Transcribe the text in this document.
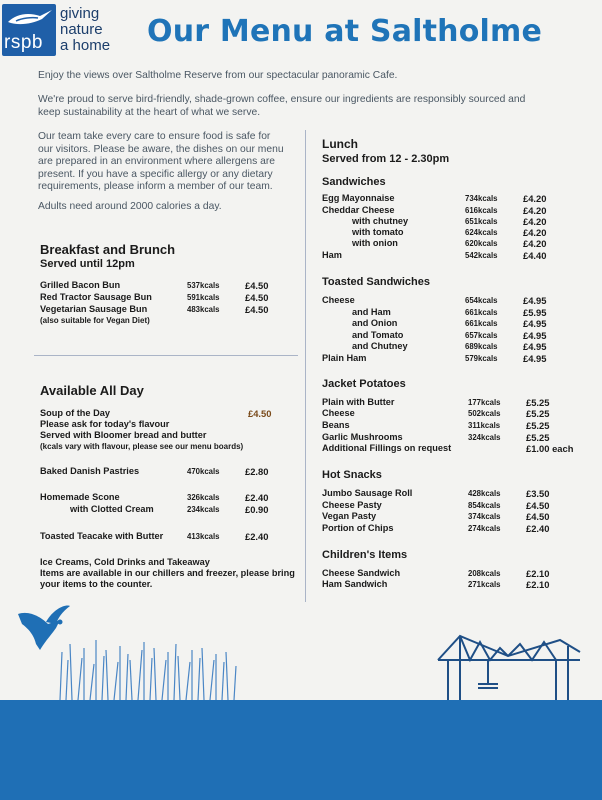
rspb
giving
nature
a home Our Menu at Saltholme
Enjoy the views over Saltholme Reserve from our spectacular panoramic Cafe.
We're proud to serve bird-friendly, shade-grown coffee, ensure our ingredients are responsibly sourced and
keep sustainability at the heart of what we serve.
Our team take every care to ensure food is safe for
our visitors. Please be aware, the dishes on our menu
are prepared in an environment where allergens are
present. If you have a specific allergy or any dietary
requirements, please inform a member of our team.
Adults need around 2000 calories a day.
Breakfast and Brunch
Served until 12pm
Grilled Bacon Bun	537kcals	£4.50
Red Tractor Sausage Bun	591kcals	£4.50
Vegetarian Sausage Bun	483kcals	£4.50
(also suitable for Vegan Diet)
Available All Day
Soup of the Day	£4.50
Please ask for today's flavour
Served with Bloomer bread and butter
(kcals vary with flavour, please see our menu boards)
Baked Danish Pastries	470kcals	£2.80
Homemade Scone	326kcals	£2.40
with Clotted Cream	234kcals	£0.90
Toasted Teacake with Butter	413kcals	£2.40
Ice Creams, Cold Drinks and Takeaway
Items are available in our chillers and freezer, please bring
your items to the counter.
Lunch
Served from 12 - 2.30pm
Sandwiches
Egg Mayonnaise	734kcals	£4.20
Cheddar Cheese	616kcals	£4.20
with chutney	651kcals	£4.20
with tomato	624kcals	£4.20
with onion	620kcals	£4.20
Ham	542kcals	£4.40
Toasted Sandwiches
Cheese	654kcals	£4.95
and Ham	661kcals	£5.95
and Onion	661kcals	£4.95
and Tomato	657kcals	£4.95
and Chutney	689kcals	£4.95
Plain Ham	579kcals	£4.95
Jacket Potatoes
Plain with Butter	177kcals	£5.25
Cheese	502kcals	£5.25
Beans	311kcals	£5.25
Garlic Mushrooms	324kcals	£5.25
Additional Fillings on request	£1.00 each
Hot Snacks
Jumbo Sausage Roll	428kcals	£3.50
Cheese Pasty	854kcals	£4.50
Vegan Pasty	374kcals	£4.50
Portion of Chips	274kcals	£2.40
Children's Items
Cheese Sandwich	208kcals	£2.10
Ham Sandwich	271kcals	£2.10
